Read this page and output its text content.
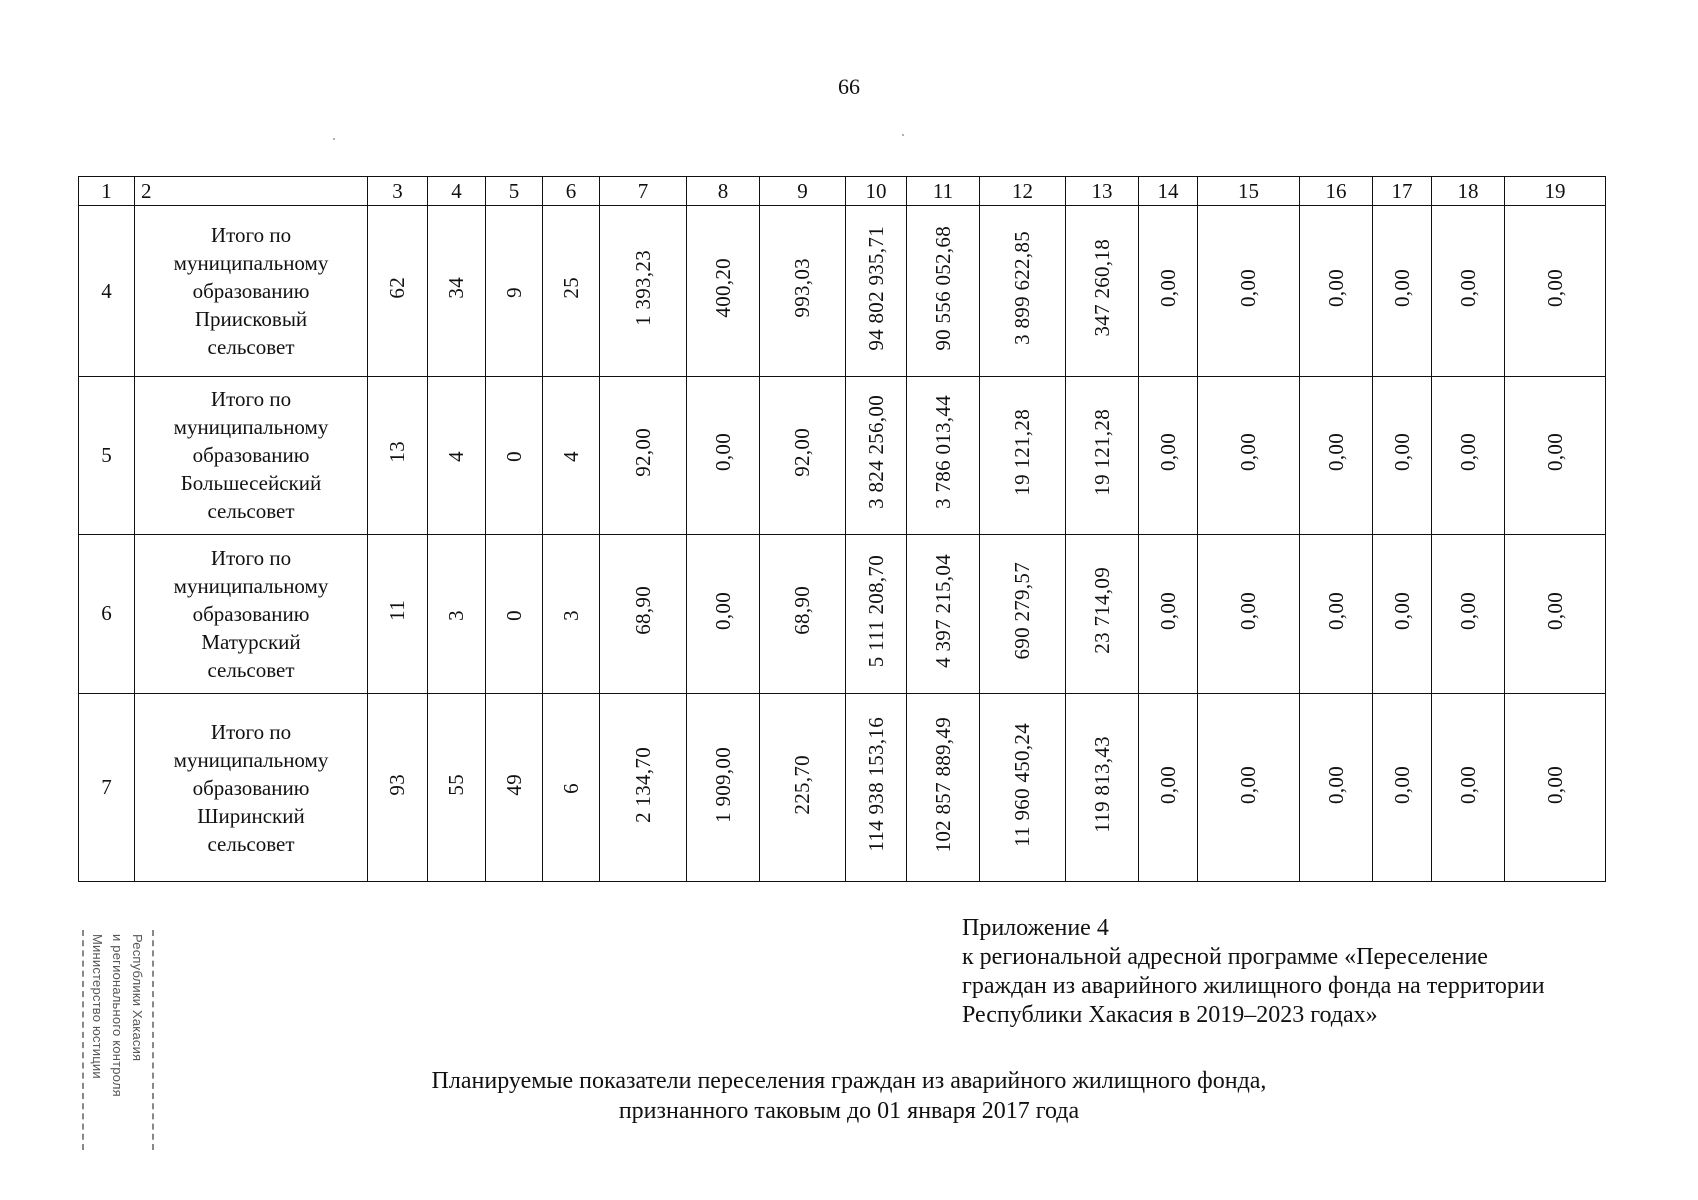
66
1	2	3	4	5	6	7	8	9	10	11	12	13	14	15	16	17	18	19
4	Итого по
муниципальному
образованию
Приисковый
сельсовет	62	34	9	25	1 393,23	400,20	993,03	94 802 935,71	90 556 052,68	3 899 622,85	347 260,18	0,00	0,00	0,00	0,00	0,00	0,00
5	Итого по
муниципальному
образованию
Большесейский
сельсовет	13	4	0	4	92,00	0,00	92,00	3 824 256,00	3 786 013,44	19 121,28	19 121,28	0,00	0,00	0,00	0,00	0,00	0,00
6	Итого по
муниципальному
образованию
Матурский
сельсовет	11	3	0	3	68,90	0,00	68,90	5 111 208,70	4 397 215,04	690 279,57	23 714,09	0,00	0,00	0,00	0,00	0,00	0,00
7	Итого по
муниципальному
образованию
Ширинский
сельсовет	93	55	49	6	2 134,70	1 909,00	225,70	114 938 153,16	102 857 889,49	11 960 450,24	119 813,43	0,00	0,00	0,00	0,00	0,00	0,00
Министерство юстиции и регионального контроля Республики Хакасия
Приложение 4
к региональной адресной программе «Переселение
граждан из аварийного жилищного фонда на территории
Республики Хакасия в 2019–2023 годах»
Планируемые показатели переселения граждан из аварийного жилищного фонда,
признанного таковым до 01 января 2017 года
